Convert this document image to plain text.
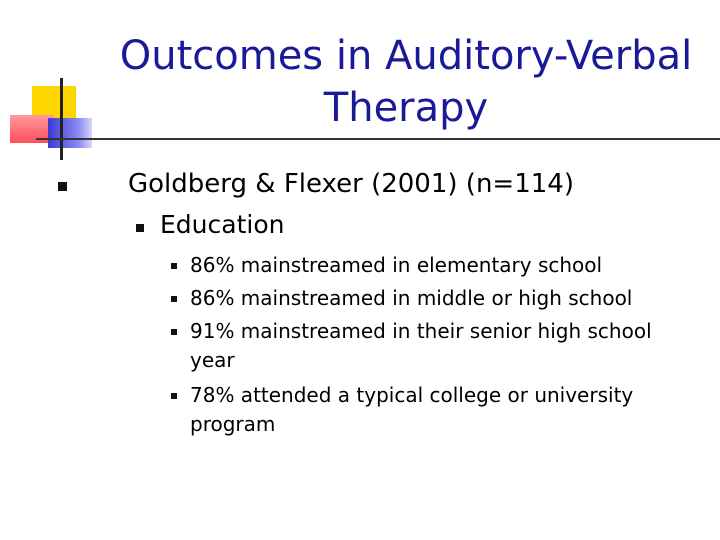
Outcomes in Auditory-Verbal
Therapy
Goldberg & Flexer (2001) (n=114)
Education
86% mainstreamed in elementary school
86% mainstreamed in middle or high school
91% mainstreamed in their senior high school
year
78% attended a typical college or university
program
